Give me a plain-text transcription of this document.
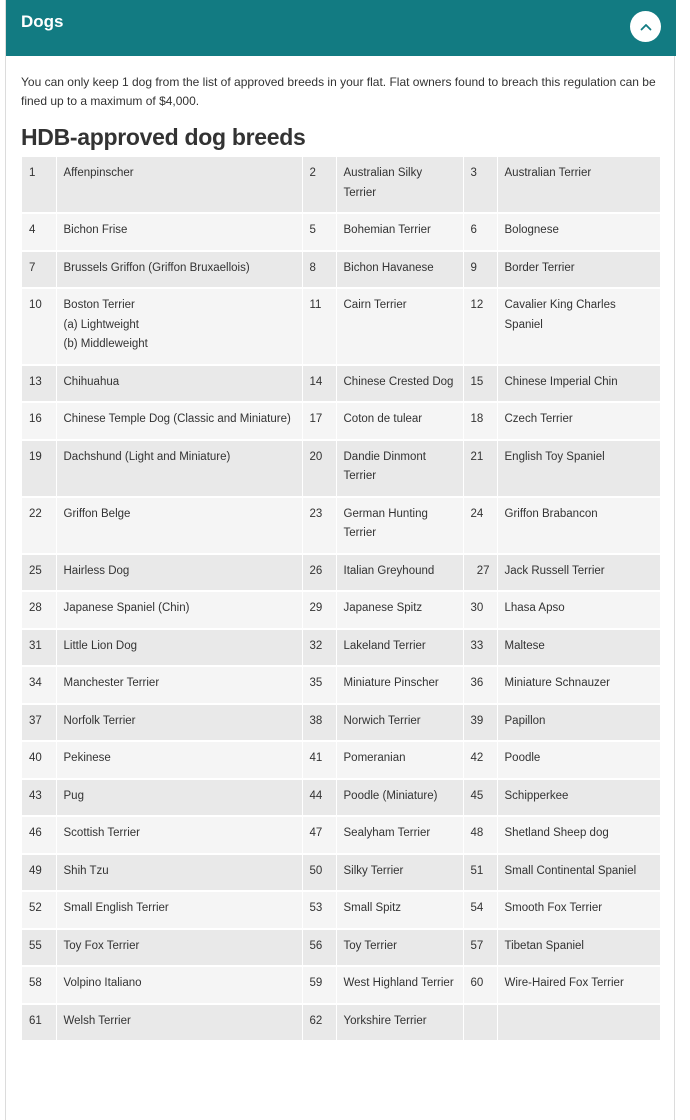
Dogs
You can only keep 1 dog from the list of approved breeds in your flat. Flat owners found to breach this regulation can be fined up to a maximum of $4,000.
HDB-approved dog breeds
1	Affenpinscher	2	Australian Silky Terrier	3	Australian Terrier

4	Bichon Frise	5	Bohemian Terrier	6	Bolognese

7	Brussels Griffon (Griffon Bruxaellois)	8	Bichon Havanese	9	Border Terrier

10	Boston Terrier
(a) Lightweight
(b) Middleweight	11	Cairn Terrier	12	Cavalier King Charles Spaniel

13	Chihuahua	14	Chinese Crested Dog	15	Chinese Imperial Chin

16	Chinese Temple Dog (Classic and Miniature)	17	Coton de tulear	18	Czech Terrier

19	Dachshund (Light and Miniature)	20	Dandie Dinmont Terrier	21	English Toy Spaniel

22	Griffon Belge	23	German Hunting Terrier	24	Griffon Brabancon

25	Hairless Dog	26	Italian Greyhound	27	Jack Russell Terrier

28	Japanese Spaniel (Chin)	29	Japanese Spitz	30	Lhasa Apso

31	Little Lion Dog	32	Lakeland Terrier	33	Maltese

34	Manchester Terrier	35	Miniature Pinscher	36	Miniature Schnauzer

37	Norfolk Terrier	38	Norwich Terrier	39	Papillon

40	Pekinese	41	Pomeranian	42	Poodle

43	Pug	44	Poodle (Miniature)	45	Schipperkee

46	Scottish Terrier	47	Sealyham Terrier	48	Shetland Sheep dog

49	Shih Tzu	50	Silky Terrier	51	Small Continental Spaniel

52	Small English Terrier	53	Small Spitz	54	Smooth Fox Terrier

55	Toy Fox Terrier	56	Toy Terrier	57	Tibetan Spaniel

58	Volpino Italiano	59	West Highland Terrier	60	Wire-Haired Fox Terrier

61	Welsh Terrier	62	Yorkshire Terrier		
